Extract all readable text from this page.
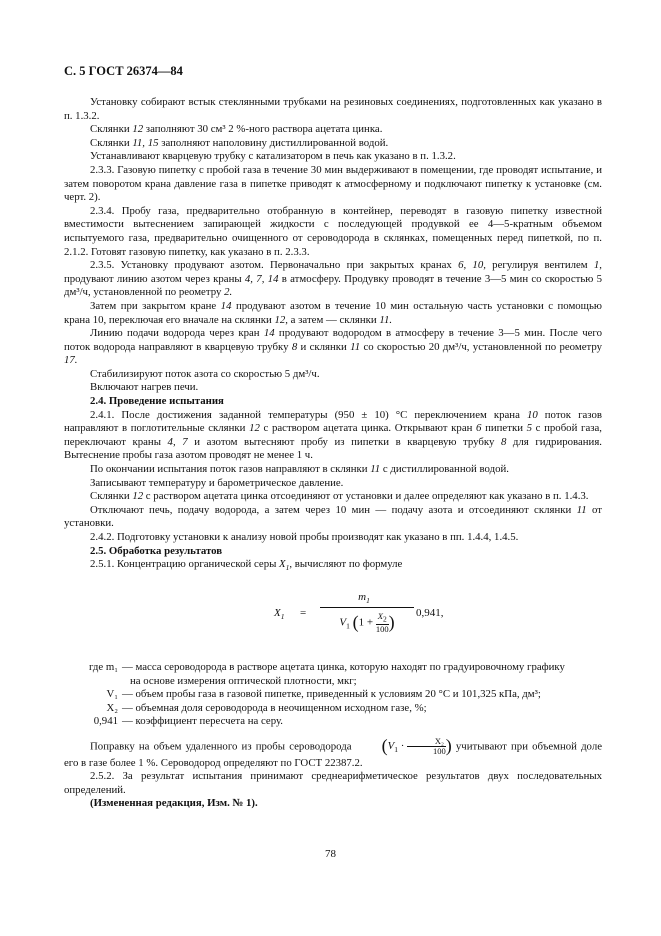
С. 5 ГОСТ 26374—84

Установку собирают встык стеклянными трубками на резиновых соединениях, подготовленных как указано в п. 1.3.2.

Склянки 12 заполняют 30 см³ 2 %-ного раствора ацетата цинка.

Склянки 11, 15 заполняют наполовину дистиллированной водой.

Устанавливают кварцевую трубку с катализатором в печь как указано в п. 1.3.2.

2.3.3. Газовую пипетку с пробой газа в течение 30 мин выдерживают в помещении, где проводят испытание, и затем поворотом крана давление газа в пипетке приводят к атмосферному и подключают пипетку к установке (см. черт. 2).

2.3.4. Пробу газа, предварительно отобранную в контейнер, переводят в газовую пипетку известной вместимости вытеснением запирающей жидкости с последующей продувкой ее 4—5-кратным объемом испытуемого газа, предварительно очищенного от сероводорода в склянках, помещенных перед пипеткой, по п. 2.1.2. Готовят газовую пипетку, как указано в п. 2.3.3.

2.3.5. Установку продувают азотом. Первоначально при закрытых кранах 6, 10, регулируя вентилем 1, продувают линию азотом через краны 4, 7, 14 в атмосферу. Продувку проводят в течение 3—5 мин со скоростью 5 дм³/ч, установленной по реометру 2.

Затем при закрытом кране 14 продувают азотом в течение 10 мин остальную часть установки с помощью крана 10, переключая его вначале на склянки 12, а затем — склянки 11.

Линию подачи водорода через кран 14 продувают водородом в атмосферу в течение 3—5 мин. После чего поток водорода направляют в кварцевую трубку 8 и склянки 11 со скоростью 20 дм³/ч, установленной по реометру 17.

Стабилизируют поток азота со скоростью 5 дм³/ч.

Включают нагрев печи.

2.4. Проведение испытания

2.4.1. После достижения заданной температуры (950 ± 10) °С переключением крана 10 поток газов направляют в поглотительные склянки 12 с раствором ацетата цинка. Открывают кран 6 пипетки 5 с пробой газа, переключают краны 4, 7 и азотом вытесняют пробу из пипетки в кварцевую трубку 8 для гидрирования. Вытеснение пробы газа азотом проводят не менее 1 ч.

По окончании испытания поток газов направляют в склянки 11 с дистиллированной водой.

Записывают температуру и барометрическое давление.

Склянки 12 с раствором ацетата цинка отсоединяют от установки и далее определяют как указано в п. 1.4.3.

Отключают печь, подачу водорода, а затем через 10 мин — подачу азота и отсоединяют склянки 11 от установки.

2.4.2. Подготовку установки к анализу новой пробы производят как указано в пп. 1.4.4, 1.4.5.

2.5. Обработка результатов

2.5.1. Концентрацию органической серы $X_1$, вычисляют по формуле

$X_1$ =
$m_1$
$V_1$ ($1 + \frac{X_2}{100}$ )	0,941,
где m₁ — масса сероводорода в растворе ацетата цинка, которую находят по градуировочному графику
на основе измерения оптической плотности, мкг;
V₁ — объем пробы газа в газовой пипетке, приведенный к условиям 20 °С и 101,325 кПа, дм³;
X₂ — объемная доля сероводорода в неочищенном исходном газе, %;
0,941 — коэффициент пересчета на серу.

Поправку на объем удаленного из пробы сероводорода ($V_1 \cdot \frac{\text{X₂}}{100}$ ) учитывают при объемной доле его в газе более 1 %. Сероводород определяют по ГОСТ 22387.2.

2.5.2. За результат испытания принимают среднеарифметическое результатов двух последовательных определений.

(Измененная редакция, Изм. № 1).

78
